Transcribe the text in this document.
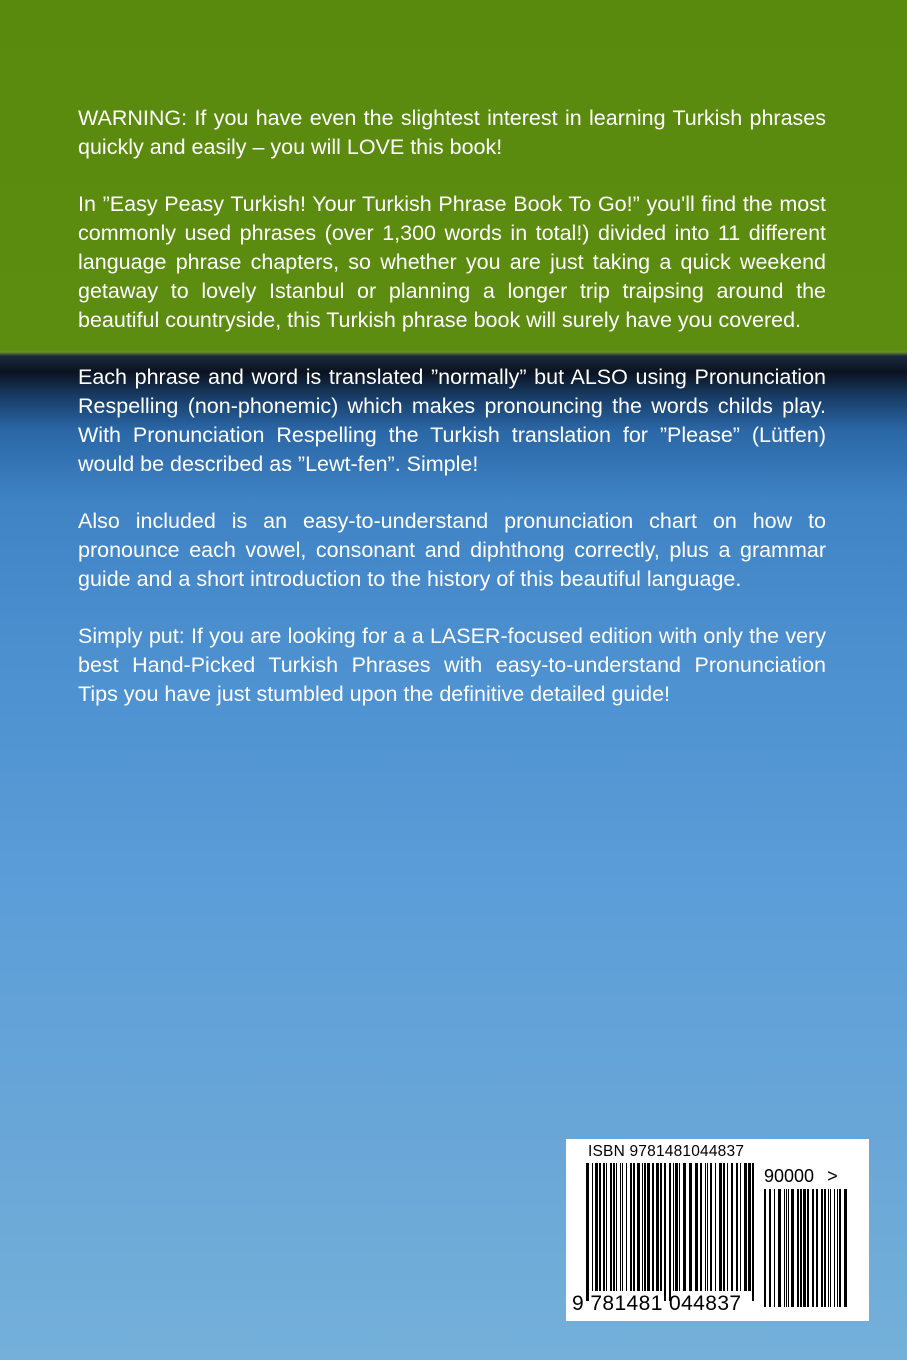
WARNING: If you have even the slightest interest in learning Turkish phrases quickly and easily – you will LOVE this book!

In ”Easy Peasy Turkish! Your Turkish Phrase Book To Go!” you'll find the most commonly used phrases (over 1,300 words in total!) divided into 11 different language phrase chapters, so whether you are just taking a quick weekend getaway to lovely Istanbul or planning a longer trip traipsing around the beautiful countryside, this Turkish phrase book will surely have you covered.

Each phrase and word is translated ”normally” but ALSO using Pronunciation Respelling (non-phonemic) which makes pronouncing the words childs play. With Pronunciation Respelling the Turkish translation for ”Please” (Lütfen) would be described as ”Lewt-fen”. Simple!

Also included is an easy-to-understand pronunciation chart on how to pronounce each vowel, consonant and diphthong correctly, plus a grammar guide and a short introduction to the history of this beautiful language.

Simply put: If you are looking for a a LASER-focused edition with only the very best Hand-Picked Turkish Phrases with easy-to-understand Pronunciation Tips you have just stumbled upon the definitive detailed guide!

ISBN 9781481044837
90000 >
9 781481 044837
